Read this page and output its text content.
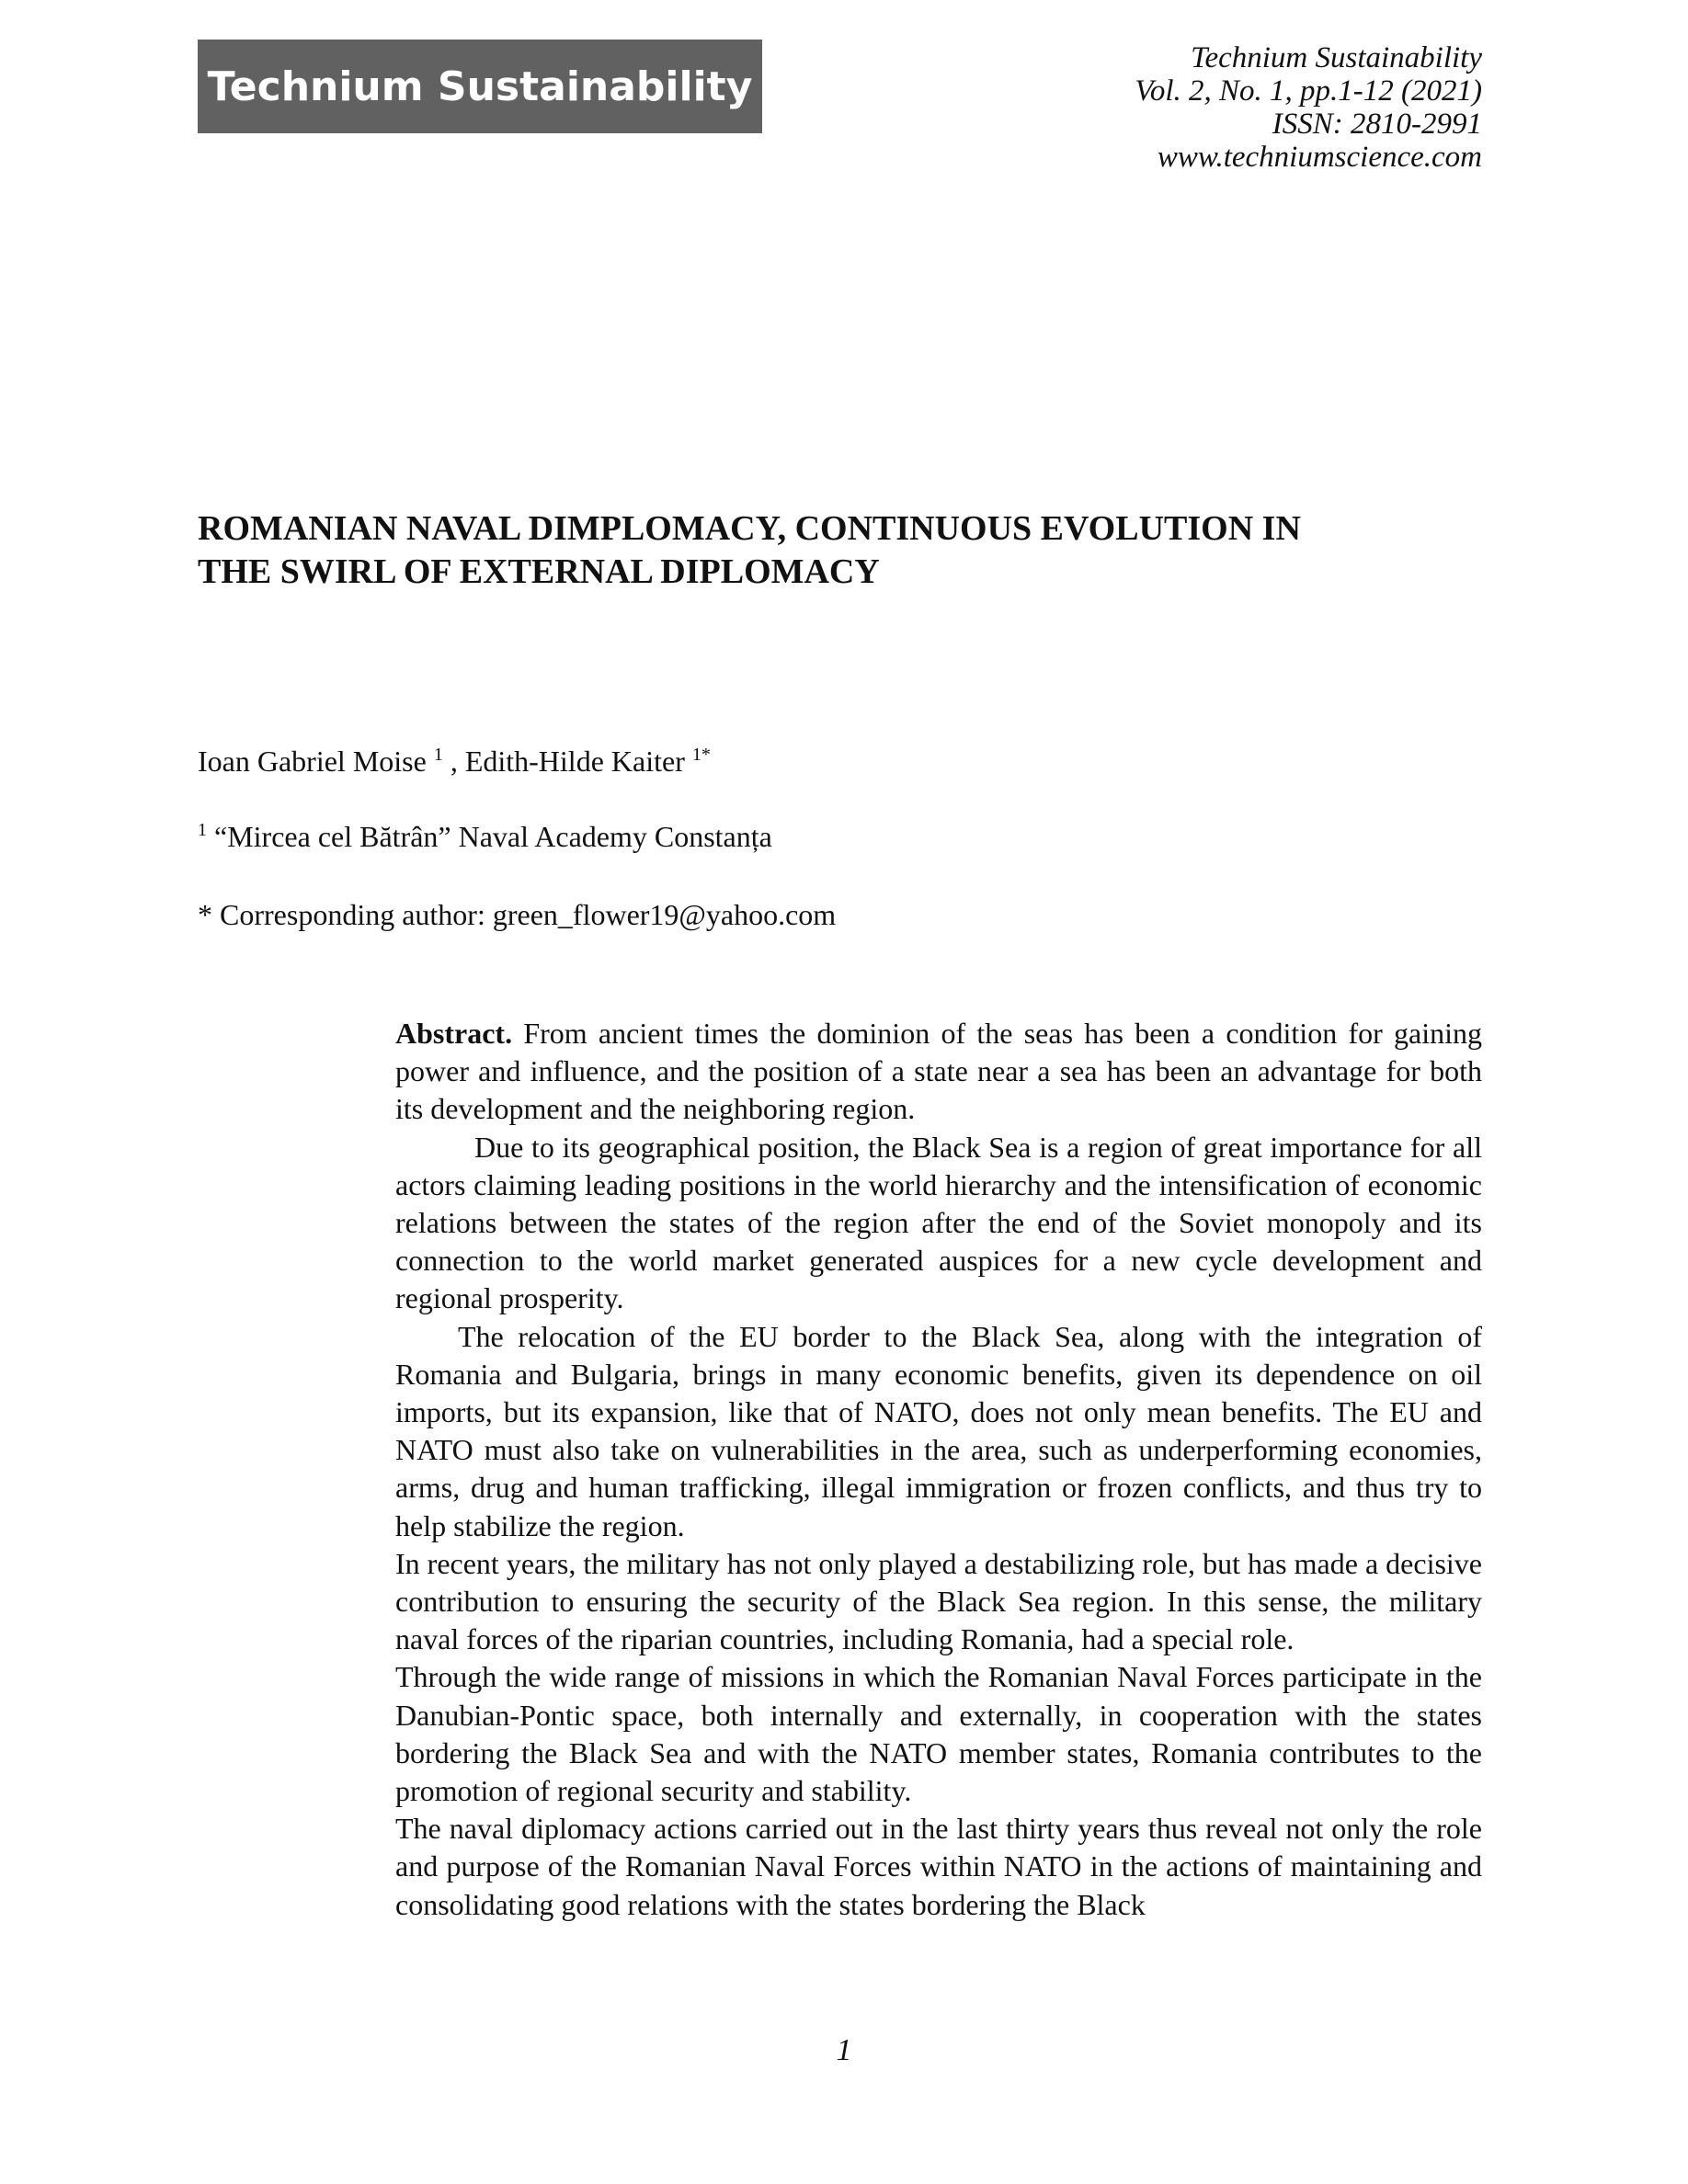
Technium Sustainability
Technium Sustainability
Vol. 2, No. 1, pp.1-12 (2021)
ISSN: 2810-2991
www.techniumscience.com
ROMANIAN NAVAL DIMPLOMACY, CONTINUOUS EVOLUTION IN
THE SWIRL OF EXTERNAL DIPLOMACY
Ioan Gabriel Moise $^1$ , Edith-Hilde Kaiter $^{1*}$
$^1$ “Mircea cel Bătrân” Naval Academy Constanța
* Corresponding author: green_flower19@yahoo.com

Abstract. From ancient times the dominion of the seas has been a condition for gaining power and influence, and the position of a state near a sea has been an advantage for both its development and the neighboring region.

Due to its geographical position, the Black Sea is a region of great importance for all actors claiming leading positions in the world hierarchy and the intensification of economic relations between the states of the region after the end of the Soviet monopoly and its connection to the world market generated auspices for a new cycle development and regional prosperity.

The relocation of the EU border to the Black Sea, along with the integration of Romania and Bulgaria, brings in many economic benefits, given its dependence on oil imports, but its expansion, like that of NATO, does not only mean benefits. The EU and NATO must also take on vulnerabilities in the area, such as underperforming economies, arms, drug and human trafficking, illegal immigration or frozen conflicts, and thus try to help stabilize the region.

In recent years, the military has not only played a destabilizing role, but has made a decisive contribution to ensuring the security of the Black Sea region. In this sense, the military naval forces of the riparian countries, including Romania, had a special role.

Through the wide range of missions in which the Romanian Naval Forces participate in the Danubian-Pontic space, both internally and externally, in cooperation with the states bordering the Black Sea and with the NATO member states, Romania contributes to the promotion of regional security and stability.

The naval diplomacy actions carried out in the last thirty years thus reveal not only the role and purpose of the Romanian Naval Forces within NATO in the actions of maintaining and consolidating good relations with the states bordering the Black

1
